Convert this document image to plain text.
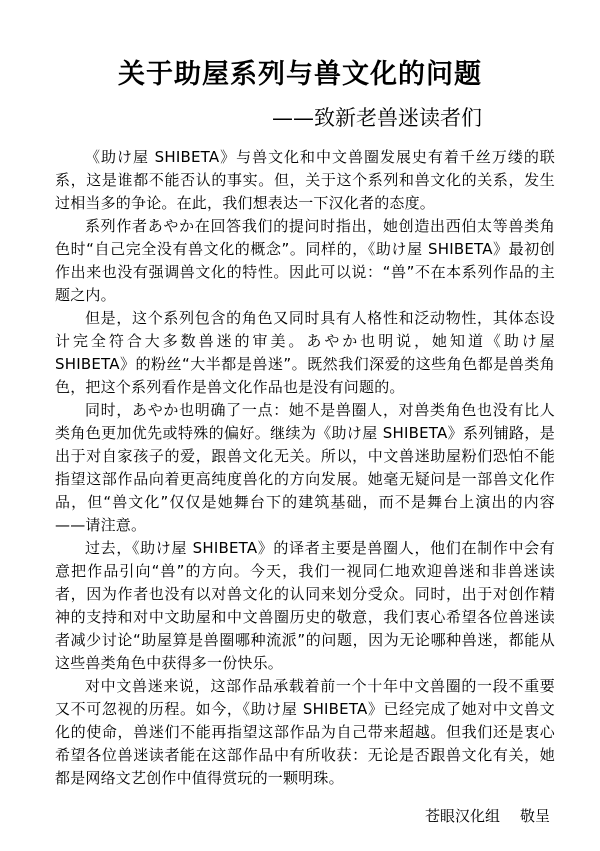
关于助屋系列与兽文化的问题
——致新老兽迷读者们

《助け屋 SHIBETA》与兽文化和中文兽圈发展史有着千丝万缕的联系，这是谁都不能否认的事实。但，关于这个系列和兽文化的关系，发生过相当多的争论。在此，我们想表达一下汉化者的态度。

系列作者あやか在回答我们的提问时指出，她创造出西伯太等兽类角色时“自己完全没有兽文化的概念”。同样的，《助け屋 SHIBETA》最初创作出来也没有强调兽文化的特性。因此可以说：“兽”不在本系列作品的主题之内。

但是，这个系列包含的角色又同时具有人格性和泛动物性，其体态设计完全符合大多数兽迷的审美。あやか也明说，她知道《助け屋 SHIBETA》的粉丝“大半都是兽迷”。既然我们深爱的这些角色都是兽类角色，把这个系列看作是兽文化作品也是没有问题的。

同时，あやか也明确了一点：她不是兽圈人，对兽类角色也没有比人类角色更加优先或特殊的偏好。继续为《助け屋 SHIBETA》系列铺路，是出于对自家孩子的爱，跟兽文化无关。所以，中文兽迷助屋粉们恐怕不能指望这部作品向着更高纯度兽化的方向发展。她毫无疑问是一部兽文化作品，但“兽文化”仅仅是她舞台下的建筑基础，而不是舞台上演出的内容——请注意。

过去，《助け屋 SHIBETA》的译者主要是兽圈人，他们在制作中会有意把作品引向“兽”的方向。今天，我们一视同仁地欢迎兽迷和非兽迷读者，因为作者也没有以对兽文化的认同来划分受众。同时，出于对创作精神的支持和对中文助屋和中文兽圈历史的敬意，我们衷心希望各位兽迷读者减少讨论“助屋算是兽圈哪种流派”的问题，因为无论哪种兽迷，都能从这些兽类角色中获得多一份快乐。

对中文兽迷来说，这部作品承载着前一个十年中文兽圈的一段不重要又不可忽视的历程。如今，《助け屋 SHIBETA》已经完成了她对中文兽文化的使命，兽迷们不能再指望这部作品为自己带来超越。但我们还是衷心希望各位兽迷读者能在这部作品中有所收获：无论是否跟兽文化有关，她都是网络文艺创作中值得赏玩的一颗明珠。

苍眼汉化组 敬呈
